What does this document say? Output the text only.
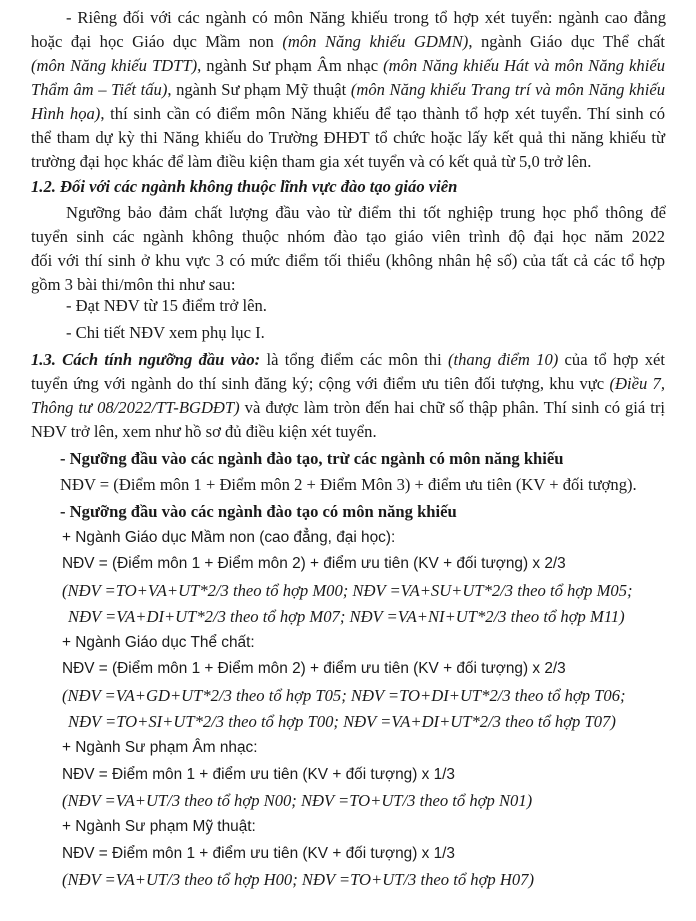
- Riêng đối với các ngành có môn Năng khiếu trong tổ hợp xét tuyển: ngành cao đẳng
hoặc đại học Giáo dục Mầm non (môn Năng khiếu GDMN), ngành Giáo dục Thể chất
(môn Năng khiếu TDTT), ngành Sư phạm Âm nhạc (môn Năng khiếu Hát và môn Năng khiếu
Thẩm âm – Tiết tấu), ngành Sư phạm Mỹ thuật (môn Năng khiếu Trang trí và môn Năng khiếu
Hình họa), thí sinh cần có điểm môn Năng khiếu để tạo thành tổ hợp xét tuyển. Thí sinh có
thể tham dự kỳ thi Năng khiếu do Trường ĐHĐT tổ chức hoặc lấy kết quả thi năng khiếu từ
trường đại học khác để làm điều kiện tham gia xét tuyển và có kết quả từ 5,0 trở lên.
1.2. Đối với các ngành không thuộc lĩnh vực đào tạo giáo viên
Ngưỡng bảo đảm chất lượng đầu vào từ điểm thi tốt nghiệp trung học phổ thông để
tuyển sinh các ngành không thuộc nhóm đào tạo giáo viên trình độ đại học năm 2022
đối với thí sinh ở khu vực 3 có mức điểm tối thiểu (không nhân hệ số) của tất cả các tổ hợp
gồm 3 bài thi/môn thi như sau:
- Đạt NĐV từ 15 điểm trở lên.
- Chi tiết NĐV xem phụ lục I.
1.3. Cách tính ngưỡng đầu vào: là tổng điểm các môn thi (thang điểm 10) của tổ hợp xét
tuyển ứng với ngành do thí sinh đăng ký; cộng với điểm ưu tiên đối tượng, khu vực (Điều 7,
Thông tư 08/2022/TT-BGDĐT) và được làm tròn đến hai chữ số thập phân. Thí sinh có giá trị
NĐV trở lên, xem như hồ sơ đủ điều kiện xét tuyển.
- Ngưỡng đầu vào các ngành đào tạo, trừ các ngành có môn năng khiếu
NĐV = (Điểm môn 1 + Điểm môn 2 + Điểm Môn 3) + điểm ưu tiên (KV + đối tượng).
- Ngưỡng đầu vào các ngành đào tạo có môn năng khiếu
+ Ngành Giáo dục Mầm non (cao đẳng, đại học):
NĐV = (Điểm môn 1 + Điểm môn 2) + điểm ưu tiên (KV + đối tượng) x 2/3
(NĐV =TO+VA+UT*2/3 theo tổ hợp M00; NĐV =VA+SU+UT*2/3 theo tổ hợp M05;
NĐV =VA+DI+UT*2/3 theo tổ hợp M07; NĐV =VA+NI+UT*2/3 theo tổ hợp M11)
+ Ngành Giáo dục Thể chất:
NĐV = (Điểm môn 1 + Điểm môn 2) + điểm ưu tiên (KV + đối tượng) x 2/3
(NĐV =VA+GD+UT*2/3 theo tổ hợp T05; NĐV =TO+DI+UT*2/3 theo tổ hợp T06;
NĐV =TO+SI+UT*2/3 theo tổ hợp T00; NĐV =VA+DI+UT*2/3 theo tổ hợp T07)
+ Ngành Sư phạm Âm nhạc:
NĐV = Điểm môn 1 + điểm ưu tiên (KV + đối tượng) x 1/3
(NĐV =VA+UT/3 theo tổ hợp N00; NĐV =TO+UT/3 theo tổ hợp N01)
+ Ngành Sư phạm Mỹ thuật:
NĐV = Điểm môn 1 + điểm ưu tiên (KV + đối tượng) x 1/3
(NĐV =VA+UT/3 theo tổ hợp H00; NĐV =TO+UT/3 theo tổ hợp H07)
